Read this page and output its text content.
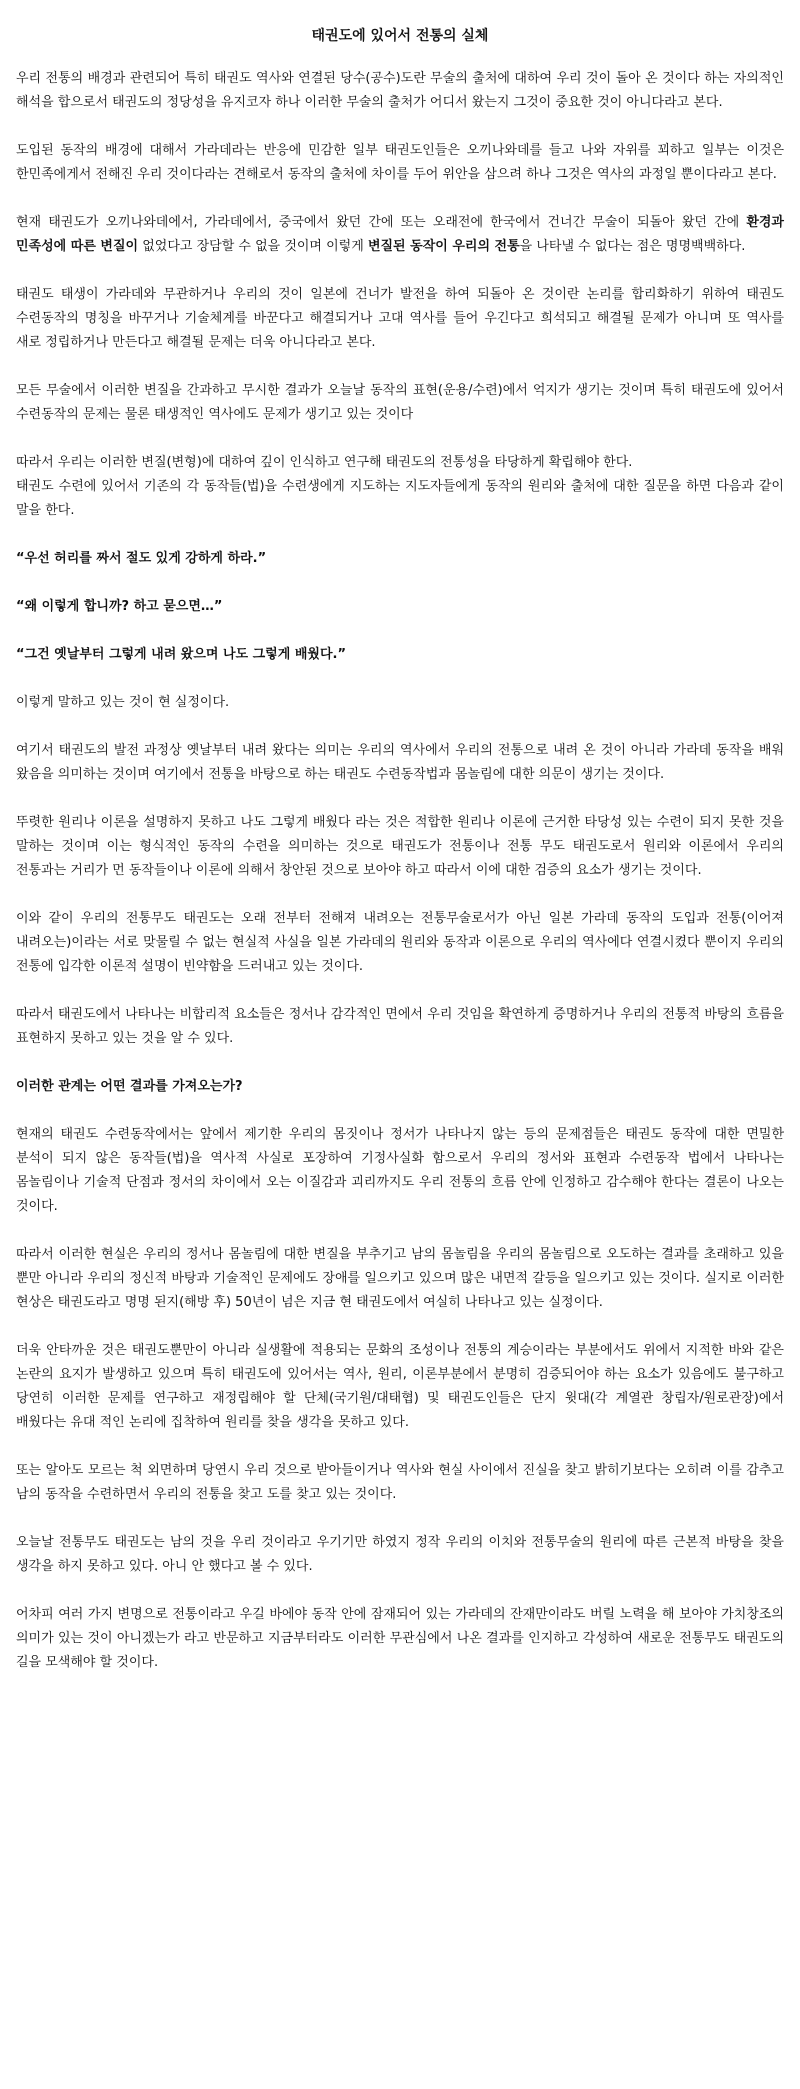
태권도에 있어서 전통의 실체

우리 전통의 배경과 관련되어 특히 태권도 역사와 연결된 당수(공수)도란 무술의 출처에 대하여 우리 것이 돌아 온 것이다 하는 자의적인 해석을 합으로서 태권도의 정당성을 유지코자 하나 이러한 무술의 출처가 어디서 왔는지 그것이 중요한 것이 아니다라고 본다.

도입된 동작의 배경에 대해서 가라데라는 반응에 민감한 일부 태권도인들은 오끼나와데를 들고 나와 자위를 꾀하고 일부는 이것은 한민족에게서 전해진 우리 것이다라는 견해로서 동작의 출처에 차이를 두어 위안을 삼으려 하나 그것은 역사의 과정일 뿐이다라고 본다.

현재 태권도가 오끼나와데에서, 가라데에서, 중국에서 왔던 간에 또는 오래전에 한국에서 건너간 무술이 되돌아 왔던 간에 환경과 민족성에 따른 변질이 없었다고 장담할 수 없을 것이며 이렇게 변질된 동작이 우리의 전통을 나타낼 수 없다는 점은 명명백백하다.

태권도 태생이 가라데와 무관하거나 우리의 것이 일본에 건너가 발전을 하여 되돌아 온 것이란 논리를 합리화하기 위하여 태권도 수련동작의 명칭을 바꾸거나 기술체계를 바꾼다고 해결되거나 고대 역사를 들어 우긴다고 희석되고 해결될 문제가 아니며 또 역사를 새로 정립하거나 만든다고 해결될 문제는 더욱 아니다라고 본다.

모든 무술에서 이러한 변질을 간과하고 무시한 결과가 오늘날 동작의 표현(운용/수련)에서 억지가 생기는 것이며 특히 태권도에 있어서 수련동작의 문제는 물론 태생적인 역사에도 문제가 생기고 있는 것이다

따라서 우리는 이러한 변질(변형)에 대하여 깊이 인식하고 연구해 태권도의 전통성을 타당하게 확립해야 한다.

태권도 수련에 있어서 기존의 각 동작들(법)을 수련생에게 지도하는 지도자들에게 동작의 원리와 출처에 대한 질문을 하면 다음과 같이 말을 한다.

“우선 허리를 짜서 절도 있게 강하게 하라.”

“왜 이렇게 합니까? 하고 묻으면…”

“그건 옛날부터 그렇게 내려 왔으며 나도 그렇게 배웠다.”

이렇게 말하고 있는 것이 현 실정이다.

여기서 태권도의 발전 과정상 옛날부터 내려 왔다는 의미는 우리의 역사에서 우리의 전통으로 내려 온 것이 아니라 가라데 동작을 배워 왔음을 의미하는 것이며 여기에서 전통을 바탕으로 하는 태권도 수련동작법과 몸놀림에 대한 의문이 생기는 것이다.

뚜렷한 원리나 이론을 설명하지 못하고 나도 그렇게 배웠다 라는 것은 적합한 원리나 이론에 근거한 타당성 있는 수련이 되지 못한 것을 말하는 것이며 이는 형식적인 동작의 수련을 의미하는 것으로 태권도가 전통이나 전통 무도 태권도로서 원리와 이론에서 우리의 전통과는 거리가 먼 동작들이나 이론에 의해서 창안된 것으로 보아야 하고 따라서 이에 대한 검증의 요소가 생기는 것이다.

이와 같이 우리의 전통무도 태권도는 오래 전부터 전해져 내려오는 전통무술로서가 아닌 일본 가라데 동작의 도입과 전통(이어져 내려오는)이라는 서로 맞물릴 수 없는 현실적 사실을 일본 가라데의 원리와 동작과 이론으로 우리의 역사에다 연결시켰다 뿐이지 우리의 전통에 입각한 이론적 설명이 빈약함을 드러내고 있는 것이다.

따라서 태권도에서 나타나는 비합리적 요소들은 정서나 감각적인 면에서 우리 것임을 확연하게 증명하거나 우리의 전통적 바탕의 흐름을 표현하지 못하고 있는 것을 알 수 있다.

이러한 관계는 어떤 결과를 가져오는가?

현재의 태권도 수련동작에서는 앞에서 제기한 우리의 몸짓이나 정서가 나타나지 않는 등의 문제점들은 태권도 동작에 대한 면밀한 분석이 되지 않은 동작들(법)을 역사적 사실로 포장하여 기정사실화 함으로서 우리의 정서와 표현과 수련동작 법에서 나타나는 몸놀림이나 기술적 단점과 정서의 차이에서 오는 이질감과 괴리까지도 우리 전통의 흐름 안에 인정하고 감수해야 한다는 결론이 나오는 것이다.

따라서 이러한 현실은 우리의 정서나 몸놀림에 대한 변질을 부추기고 남의 몸놀림을 우리의 몸놀림으로 오도하는 결과를 초래하고 있을 뿐만 아니라 우리의 정신적 바탕과 기술적인 문제에도 장애를 일으키고 있으며 많은 내면적 갈등을 일으키고 있는 것이다. 실지로 이러한 현상은 태권도라고 명명 된지(해방 후) 50년이 넘은 지금 현 태권도에서 여실히 나타나고 있는 실정이다.

더욱 안타까운 것은 태권도뿐만이 아니라 실생활에 적용되는 문화의 조성이나 전통의 계승이라는 부분에서도 위에서 지적한 바와 같은 논란의 요지가 발생하고 있으며 특히 태권도에 있어서는 역사, 원리, 이론부분에서 분명히 검증되어야 하는 요소가 있음에도 불구하고 당연히 이러한 문제를 연구하고 재정립해야 할 단체(국기원/대태협) 및 태권도인들은 단지 윗대(각 계열관 창립자/원로관장)에서 배웠다는 유대 적인 논리에 집착하여 원리를 찾을 생각을 못하고 있다.

또는 알아도 모르는 척 외면하며 당연시 우리 것으로 받아들이거나 역사와 현실 사이에서 진실을 찾고 밝히기보다는 오히려 이를 감추고 남의 동작을 수련하면서 우리의 전통을 찾고 도를 찾고 있는 것이다.

오늘날 전통무도 태권도는 남의 것을 우리 것이라고 우기기만 하였지 정작 우리의 이치와 전통무술의 원리에 따른 근본적 바탕을 찾을 생각을 하지 못하고 있다. 아니 안 했다고 볼 수 있다.

어차피 여러 가지 변명으로 전통이라고 우길 바에야 동작 안에 잠재되어 있는 가라데의 잔재만이라도 버릴 노력을 해 보아야 가치창조의 의미가 있는 것이 아니겠는가 라고 반문하고 지금부터라도 이러한 무관심에서 나온 결과를 인지하고 각성하여 새로운 전통무도 태권도의 길을 모색해야 할 것이다.
